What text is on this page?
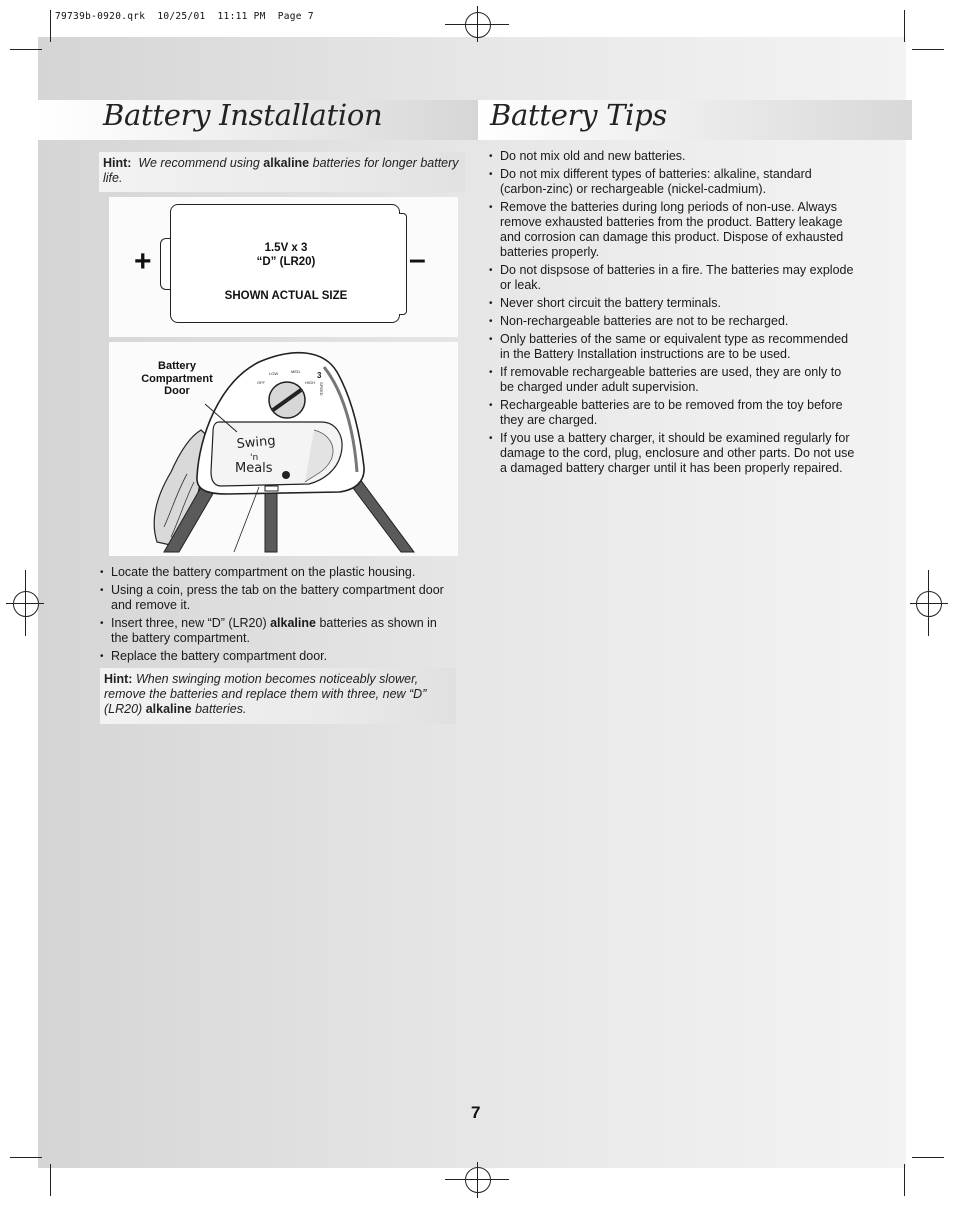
79739b-0920.qrk  10/25/01  11:11 PM  Page 7
Battery Installation	Battery Tips
Hint: We recommend using alkaline batteries for longer battery life.
1.5V x 3
“D” (LR20)
SHOWN ACTUAL SIZE
+	–
LOW	MED.
OFF	HIGH
3
SPEED
Swing
'n
Meals
Battery Compartment Door
• Locate the battery compartment on the plastic housing.
• Using a coin, press the tab on the battery compartment door and remove it.
• Insert three, new “D” (LR20) alkaline batteries as shown in the battery compartment.
• Replace the battery compartment door.
Hint: When swinging motion becomes noticeably slower, remove the batteries and replace them with three, new “D” (LR20) alkaline batteries.
• Do not mix old and new batteries.
• Do not mix different types of batteries: alkaline, standard (carbon-zinc) or rechargeable (nickel-cadmium).
• Remove the batteries during long periods of non-use. Always remove exhausted batteries from the product. Battery leakage and corrosion can damage this product. Dispose of exhausted batteries properly.
• Do not dispsose of batteries in a fire. The batteries may explode or leak.
• Never short circuit the battery terminals.
• Non-rechargeable batteries are not to be recharged.
• Only batteries of the same or equivalent type as recommended in the Battery Installation instructions are to be used.
• If removable rechargeable batteries are used, they are only to be charged under adult supervision.
• Rechargeable batteries are to be removed from the toy before they are charged.
• If you use a battery charger, it should be examined regularly for damage to the cord, plug, enclosure and other parts. Do not use a damaged battery charger until it has been properly repaired.
7
